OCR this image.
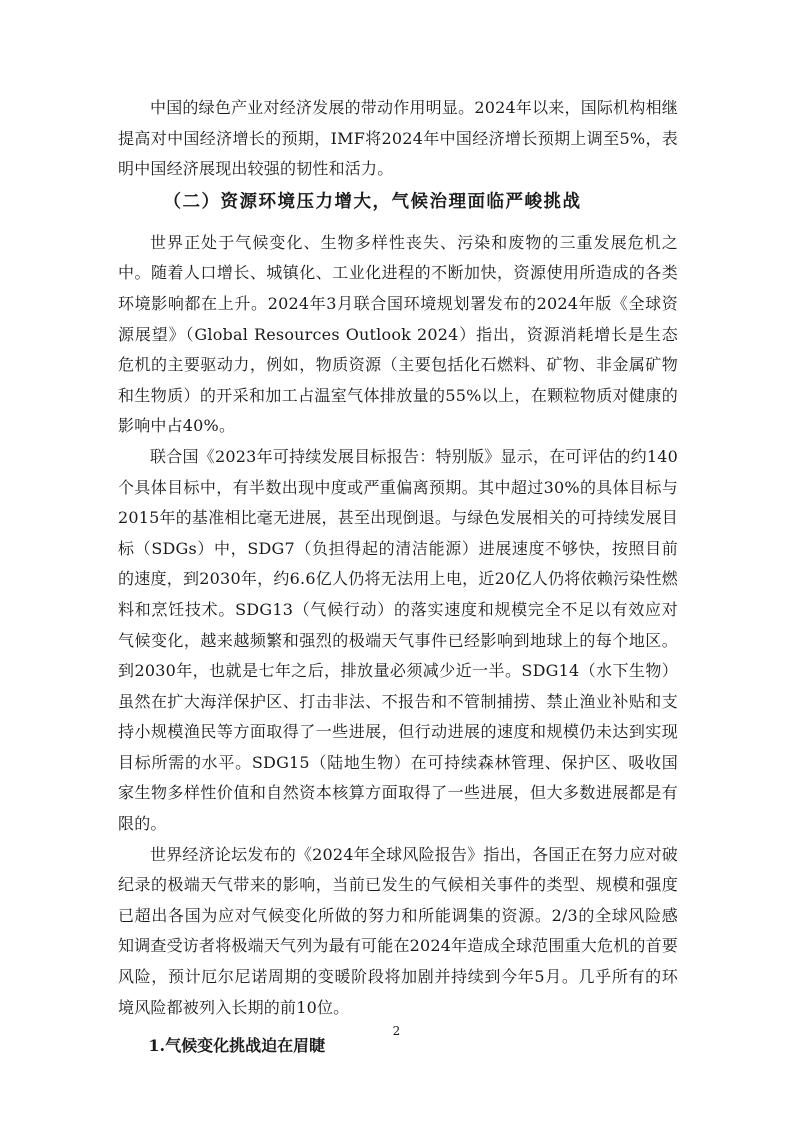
中国的绿色产业对经济发展的带动作用明显。2024年以来，国际机构相继提高对中国经济增长的预期，IMF将2024年中国经济增长预期上调至5%，表明中国经济展现出较强的韧性和活力。

（二）资源环境压力增大，气候治理面临严峻挑战

世界正处于气候变化、生物多样性丧失、污染和废物的三重发展危机之中。随着人口增长、城镇化、工业化进程的不断加快，资源使用所造成的各类环境影响都在上升。2024年3月联合国环境规划署发布的2024年版《全球资源展望》（Global Resources Outlook 2024）指出，资源消耗增长是生态危机的主要驱动力，例如，物质资源（主要包括化石燃料、矿物、非金属矿物和生物质）的开采和加工占温室气体排放量的55%以上，在颗粒物质对健康的影响中占40%。

联合国《2023年可持续发展目标报告：特别版》显示，在可评估的约140个具体目标中，有半数出现中度或严重偏离预期。其中超过30%的具体目标与2015年的基准相比毫无进展，甚至出现倒退。与绿色发展相关的可持续发展目标（SDGs）中，SDG7（负担得起的清洁能源）进展速度不够快，按照目前的速度，到2030年，约6.6亿人仍将无法用上电，近20亿人仍将依赖污染性燃料和烹饪技术。SDG13（气候行动）的落实速度和规模完全不足以有效应对气候变化，越来越频繁和强烈的极端天气事件已经影响到地球上的每个地区。到2030年，也就是七年之后，排放量必须减少近一半。SDG14（水下生物）虽然在扩大海洋保护区、打击非法、不报告和不管制捕捞、禁止渔业补贴和支持小规模渔民等方面取得了一些进展，但行动进展的速度和规模仍未达到实现目标所需的水平。SDG15（陆地生物）在可持续森林管理、保护区、吸收国家生物多样性价值和自然资本核算方面取得了一些进展，但大多数进展都是有限的。

世界经济论坛发布的《2024年全球风险报告》指出，各国正在努力应对破纪录的极端天气带来的影响，当前已发生的气候相关事件的类型、规模和强度已超出各国为应对气候变化所做的努力和所能调集的资源。2/3的全球风险感知调查受访者将极端天气列为最有可能在2024年造成全球范围重大危机的首要风险，预计厄尔尼诺周期的变暖阶段将加剧并持续到今年5月。几乎所有的环境风险都被列入长期的前10位。

1.气候变化挑战迫在眉睫
2
